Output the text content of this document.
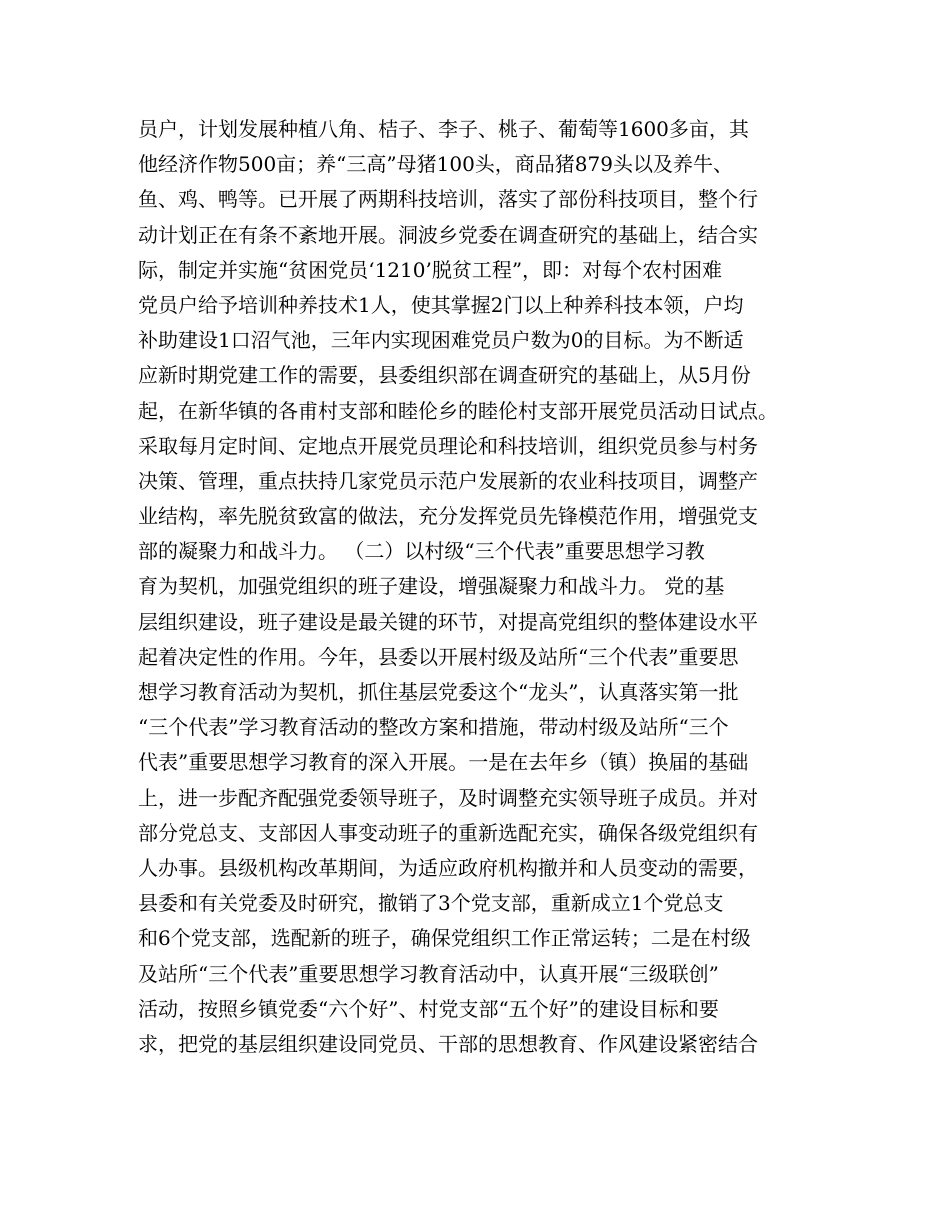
员户，计划发展种植八角、桔子、李子、桃子、葡萄等1600多亩，其
他经济作物500亩；养“三高”母猪100头，商品猪879头以及养牛、
鱼、鸡、鸭等。已开展了两期科技培训，落实了部份科技项目，整个行
动计划正在有条不紊地开展。洞波乡党委在调查研究的基础上，结合实
际，制定并实施“贫困党员‘1210’脱贫工程”，即：对每个农村困难
党员户给予培训种养技术1人，使其掌握2门以上种养科技本领，户均
补助建设1口沼气池，三年内实现困难党员户数为0的目标。为不断适
应新时期党建工作的需要，县委组织部在调查研究的基础上，从5月份
起，在新华镇的各甫村支部和睦伦乡的睦伦村支部开展党员活动日试点。
采取每月定时间、定地点开展党员理论和科技培训，组织党员参与村务
决策、管理，重点扶持几家党员示范户发展新的农业科技项目，调整产
业结构，率先脱贫致富的做法，充分发挥党员先锋模范作用，增强党支
部的凝聚力和战斗力。 （二）以村级“三个代表”重要思想学习教
育为契机，加强党组织的班子建设，增强凝聚力和战斗力。 党的基
层组织建设，班子建设是最关键的环节，对提高党组织的整体建设水平
起着决定性的作用。今年，县委以开展村级及站所“三个代表”重要思
想学习教育活动为契机，抓住基层党委这个“龙头”，认真落实第一批
“三个代表”学习教育活动的整改方案和措施，带动村级及站所“三个
代表”重要思想学习教育的深入开展。一是在去年乡（镇）换届的基础
上，进一步配齐配强党委领导班子，及时调整充实领导班子成员。并对
部分党总支、支部因人事变动班子的重新选配充实，确保各级党组织有
人办事。县级机构改革期间，为适应政府机构撤并和人员变动的需要，
县委和有关党委及时研究，撤销了3个党支部，重新成立1个党总支
和6个党支部，选配新的班子，确保党组织工作正常运转；二是在村级
及站所“三个代表”重要思想学习教育活动中，认真开展“三级联创”
活动，按照乡镇党委“六个好”、村党支部“五个好”的建设目标和要
求，把党的基层组织建设同党员、干部的思想教育、作风建设紧密结合
